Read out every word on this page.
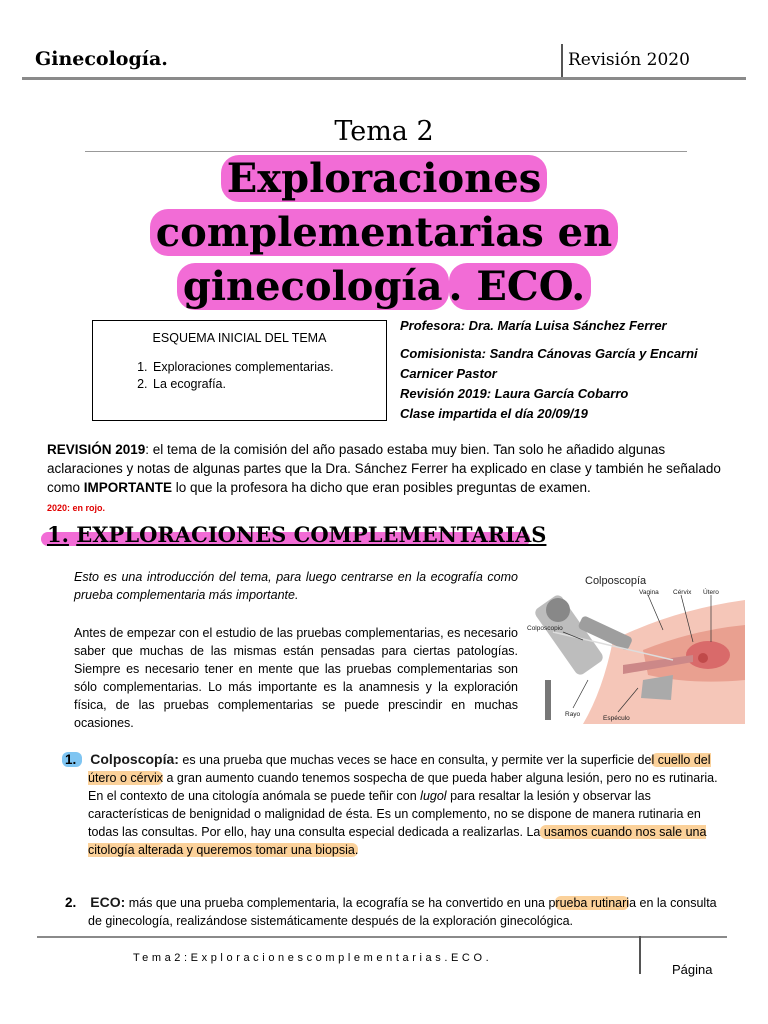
Ginecología.	Revisión 2020
Tema 2
Exploraciones
complementarias en
ginecología . ECO.
ESQUEMA INICIAL DEL TEMA
1. Exploraciones complementarias.
2. La ecografía.

Profesora: Dra. María Luisa Sánchez Ferrer

Comisionista: Sandra Cánovas García y Encarni Carnicer Pastor

Revisión 2019: Laura García Cobarro

Clase impartida el día 20/09/19

REVISIÓN 2019: el tema de la comisión del año pasado estaba muy bien. Tan solo he añadido algunas aclaraciones y notas de algunas partes que la Dra. Sánchez Ferrer ha explicado en clase y también he señalado como IMPORTANTE lo que la profesora ha dicho que eran posibles preguntas de examen.
2020: en rojo.
1. EXPLORACIONES COMPLEMENTARIAS
Esto es una introducción del tema, para luego centrarse en la ecografía como prueba complementaria más importante.
Antes de empezar con el estudio de las pruebas complementarias, es necesario saber que muchas de las mismas están pensadas para ciertas patologías. Siempre es necesario tener en mente que las pruebas complementarias son sólo complementarias. Lo más importante es la anamnesis y la exploración física, de las pruebas complementarias se puede prescindir en muchas ocasiones.
Colposcopía
Vagina Cérvix Útero
Colposcopio
Rayo
Espéculo
1. Colposcopía: es una prueba que muchas veces se hace en consulta, y permite ver la superficie del cuello del útero o cérvix a gran aumento cuando tenemos sospecha de que pueda haber alguna lesión, pero no es rutinaria. En el contexto de una citología anómala se puede teñir con lugol para resaltar la lesión y observar las características de benignidad o malignidad de ésta. Es un complemento, no se dispone de manera rutinaria en todas las consultas. Por ello, hay una consulta especial dedicada a realizarlas. La usamos cuando nos sale una citología alterada y queremos tomar una biopsia.
2. ECO: más que una prueba complementaria, la ecografía se ha convertido en una prueba rutinaria en la consulta de ginecología, realizándose sistemáticamente después de la exploración ginecológica.
Tema2:Exploracionescomplementarias.ECO.
Página
